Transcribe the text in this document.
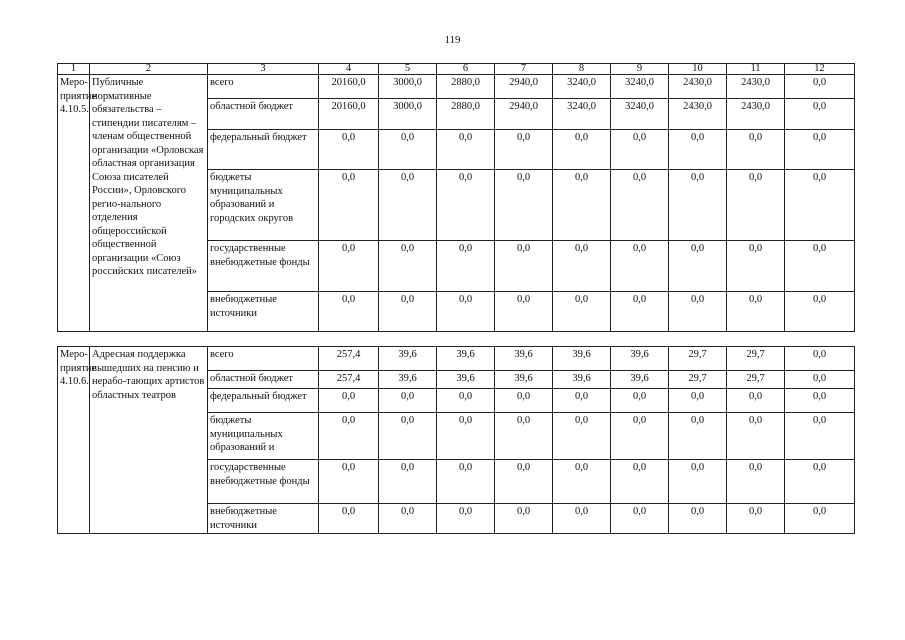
119
1	2	3	4	5	6	7	8	9	10	11	12
Меро-приятие 4.10.5.	Публичные нормативные обязательства – стипендии писателям – членам общественной организации «Орловская областная организация Союза писателей России», Орловского регио-нального отделения общероссийской общественной организации «Союз российских писателей»	всего	20160,0	3000,0	2880,0	2940,0	3240,0	3240,0	2430,0	2430,0	0,0
		областной бюджет	20160,0	3000,0	2880,0	2940,0	3240,0	3240,0	2430,0	2430,0	0,0
		федеральный бюджет	0,0	0,0	0,0	0,0	0,0	0,0	0,0	0,0	0,0
		бюджеты муниципальных образований и городских округов	0,0	0,0	0,0	0,0	0,0	0,0	0,0	0,0	0,0
		государственные внебюджетные фонды	0,0	0,0	0,0	0,0	0,0	0,0	0,0	0,0	0,0
		внебюджетные источники	0,0	0,0	0,0	0,0	0,0	0,0	0,0	0,0	0,0

Меро-приятие 4.10.6.	Адресная поддержка вышедших на пенсию и нерабо-тающих артистов областных театров	всего	257,4	39,6	39,6	39,6	39,6	39,6	29,7	29,7	0,0
		областной бюджет	257,4	39,6	39,6	39,6	39,6	39,6	29,7	29,7	0,0
		федеральный бюджет	0,0	0,0	0,0	0,0	0,0	0,0	0,0	0,0	0,0
		бюджеты муниципальных образований и	0,0	0,0	0,0	0,0	0,0	0,0	0,0	0,0	0,0
		государственные внебюджетные фонды	0,0	0,0	0,0	0,0	0,0	0,0	0,0	0,0	0,0
		внебюджетные источники	0,0	0,0	0,0	0,0	0,0	0,0	0,0	0,0	0,0
